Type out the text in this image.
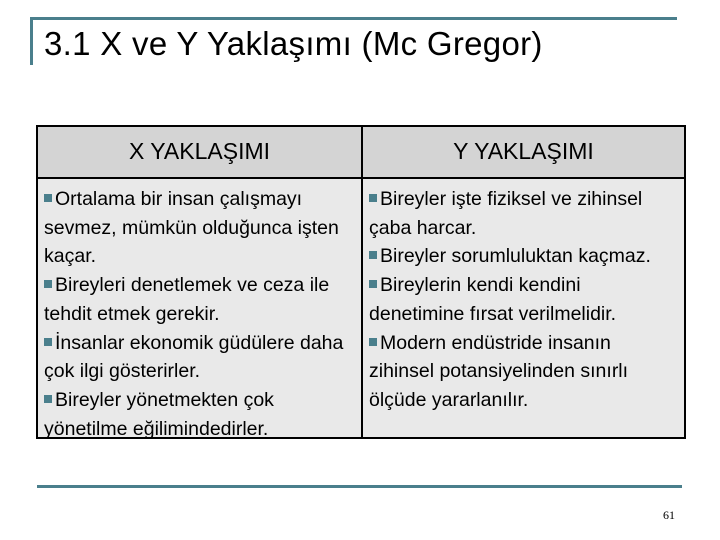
3.1 X ve Y Yaklaşımı (Mc Gregor)
X YAKLAŞIMI

Ortalama bir insan çalışmayı sevmez, mümkün olduğunca işten kaçar.

Bireyleri denetlemek ve ceza ile tehdit etmek gerekir.

İnsanlar ekonomik güdülere daha çok ilgi gösterirler.

Bireyler yönetmekten çok yönetilme eğilimindedirler.

Y YAKLAŞIMI

Bireyler işte fiziksel ve zihinsel çaba harcar.

Bireyler sorumluluktan kaçmaz.

Bireylerin kendi kendini denetimine fırsat verilmelidir.

Modern endüstride insanın zihinsel potansiyelinden sınırlı ölçüde yararlanılır.

61
